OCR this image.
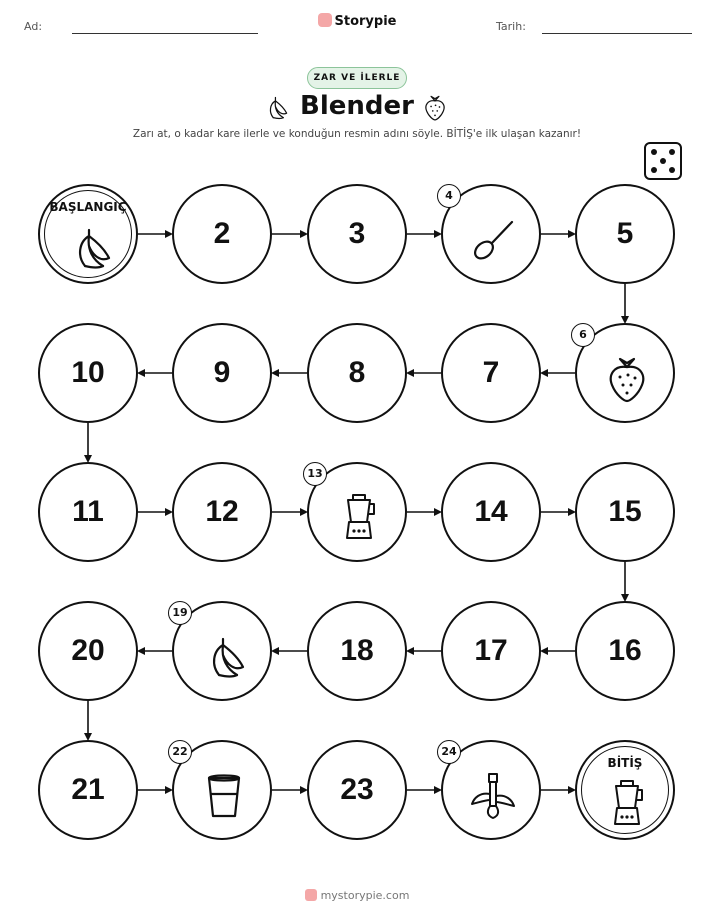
Ad:	Storypie	Tarih:
ZAR VE İLERLE
Blender
Zarı at, o kadar kare ilerle ve konduğun resmin adını söyle. BİTİŞ'e ilk ulaşan kazanır!
BAŞLANGIÇ
2	3
4
5
6
7
8
9
10
11	12
13
14	15
16
17
18
19
20
21
22
23
24
BİTİŞ
mystorypie.com
